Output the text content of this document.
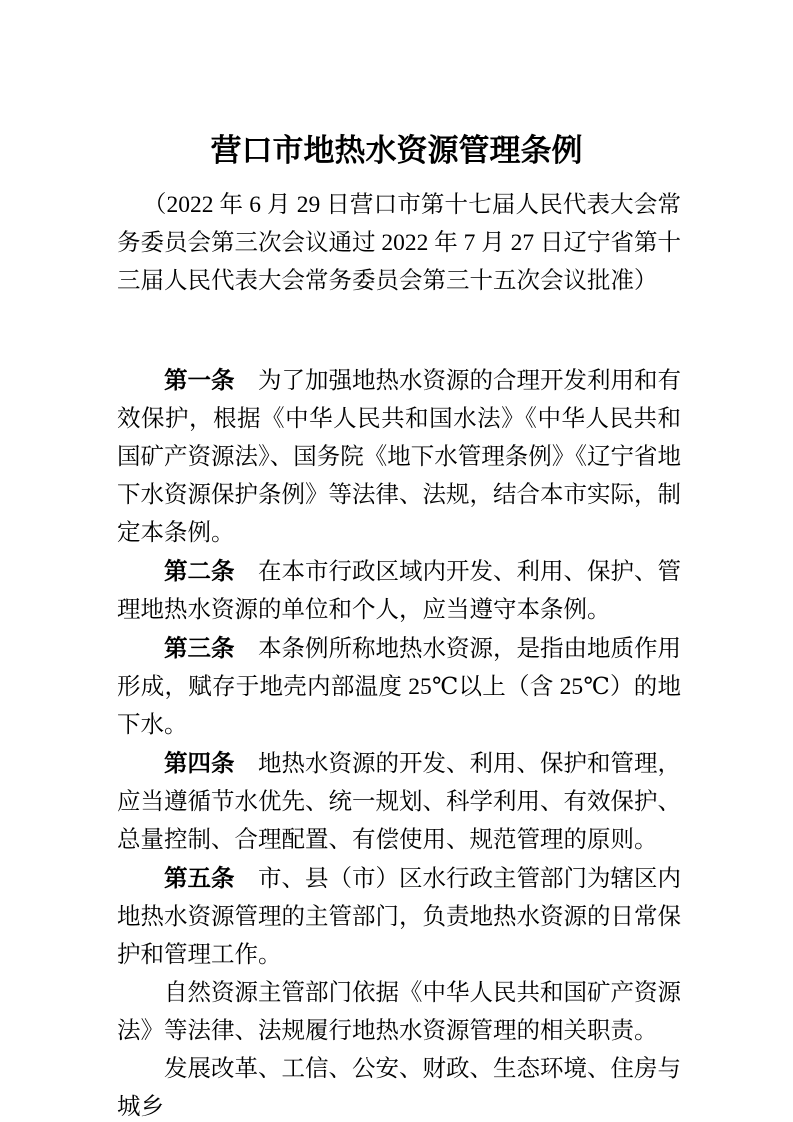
营口市地热水资源管理条例

（2022 年 6 月 29 日营口市第十七届人民代表大会常务委员会第三次会议通过 2022 年 7 月 27 日辽宁省第十三届人民代表大会常务委员会第三十五次会议批准）

第一条 为了加强地热水资源的合理开发利用和有效保护，根据《中华人民共和国水法》《中华人民共和国矿产资源法》、国务院《地下水管理条例》《辽宁省地下水资源保护条例》等法律、法规，结合本市实际，制定本条例。

第二条 在本市行政区域内开发、利用、保护、管理地热水资源的单位和个人，应当遵守本条例。

第三条 本条例所称地热水资源，是指由地质作用形成，赋存于地壳内部温度 25℃以上（含 25℃）的地下水。

第四条 地热水资源的开发、利用、保护和管理，应当遵循节水优先、统一规划、科学利用、有效保护、总量控制、合理配置、有偿使用、规范管理的原则。

第五条 市、县（市）区水行政主管部门为辖区内地热水资源管理的主管部门，负责地热水资源的日常保护和管理工作。

自然资源主管部门依据《中华人民共和国矿产资源法》等法律、法规履行地热水资源管理的相关职责。

发展改革、工信、公安、财政、生态环境、住房与城乡
